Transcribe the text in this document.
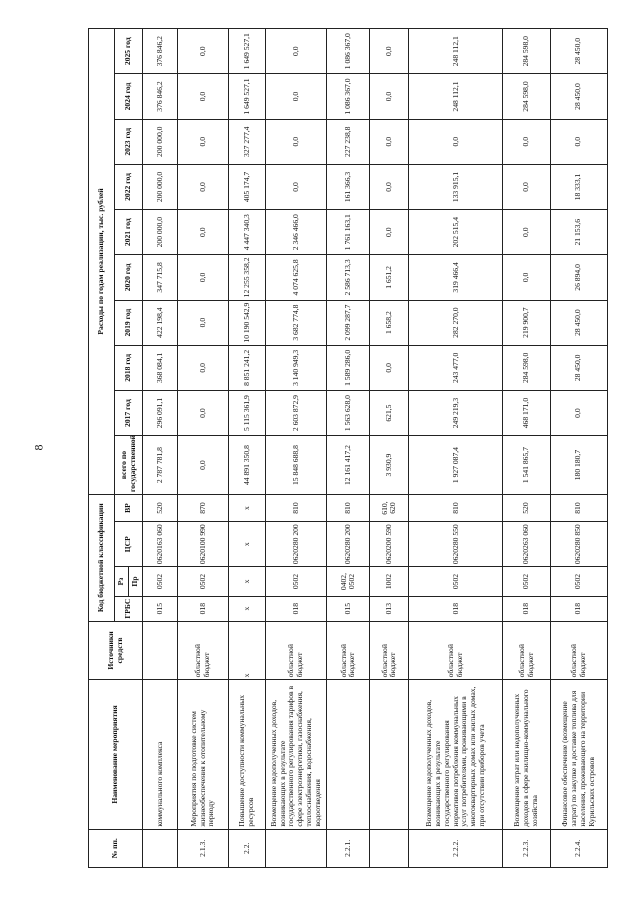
8
№ пп.	Наименование мероприятия	Источники средств	Код бюджетной классификации				Расходы по годам реализации, тыс. рублей									
			ГРБС	Рз	ЦСР	ВР	всего по государственной	2017 год	2018 год	2019 год	2020 год	2021 год	2022 год	2023 год	2024 год	2025 год
				Пр												
	коммунального комплекса		015	0502	0620163 060	520	2 787 781,8	296 091,1	368 084,1	422 198,4	347 715,8	200 000,0	200 000,0	200 000,0	376 846,2	376 846,2
2.1.3.	Мероприятия по подготовке систем жизнеобеспечения к отопительному периоду	областной бюджет	018	0502	0620100 990	870	0,0	0,0	0,0	0,0	0,0	0,0	0,0	0,0	0,0	0,0
2.2.	Повышение доступности коммунальных ресурсов	х	х	х	х	х	44 891 350,8	5 115 361,9	8 851 241,2	10 190 542,9	12 255 358,2	4 447 340,3	405 174,7	327 277,4	1 649 527,1	1 649 527,1
	Возмещение недополученных доходов, возникающих в результате государственного регулирования тарифов в сфере электроэнергетики, газоснабжения, теплоснабжения, водоснабжения, водоотведения	областной бюджет	018	0502	0620280 200	810	15 848 688,8	2 603 872,9	3 140 949,3	3 682 774,8	4 074 625,8	2 346 466,0	0,0	0,0	0,0	0,0
2.2.1.		областной бюджет	015	0402, 0502	0620280 200	810	12 161 417,2	1 563 628,0	1 589 286,0	2 099 287,7	2 586 713,3	1 761 163,1	161 366,3	227 238,8	1 086 367,0	1 086 367,0
		областной бюджет	013	1002	0620200 590	610, 620	3 930,9	621,5	0,0	1 658,2	1 651,2	0,0	0,0	0,0	0,0	0,0
2.2.2.	Возмещение недополученных доходов, возникающих в результате государственного регулирования нормативов потребления коммунальных услуг потребителями, проживающими в многоквартирных домах или жилых домах, при отсутствии приборов учета	областной бюджет	018	0502	0620280 550	810	1 927 087,4	249 219,3	243 477,0	282 270,0	319 466,4	202 515,4	133 915,1	0,0	248 112,1	248 112,1
2.2.3.	Возмещение затрат или недополученных доходов в сфере жилищно-коммунального хозяйства	областной бюджет	018	0502	0620263 060	520	1 541 865,7	468 171,0	284 598,0	219 900,7	0,0	0,0	0,0	0,0	284 598,0	284 598,0
2.2.4.	Финансовое обеспечение (возмещение затрат) по закупке и доставке топлива для населения, проживающего на территории Курильских островов	областной бюджет	018	0502	0620280 850	810	180 180,7	0,0	28 450,0	28 450,0	26 894,0	21 153,6	18 333,1	0,0	28 450,0	28 450,0
